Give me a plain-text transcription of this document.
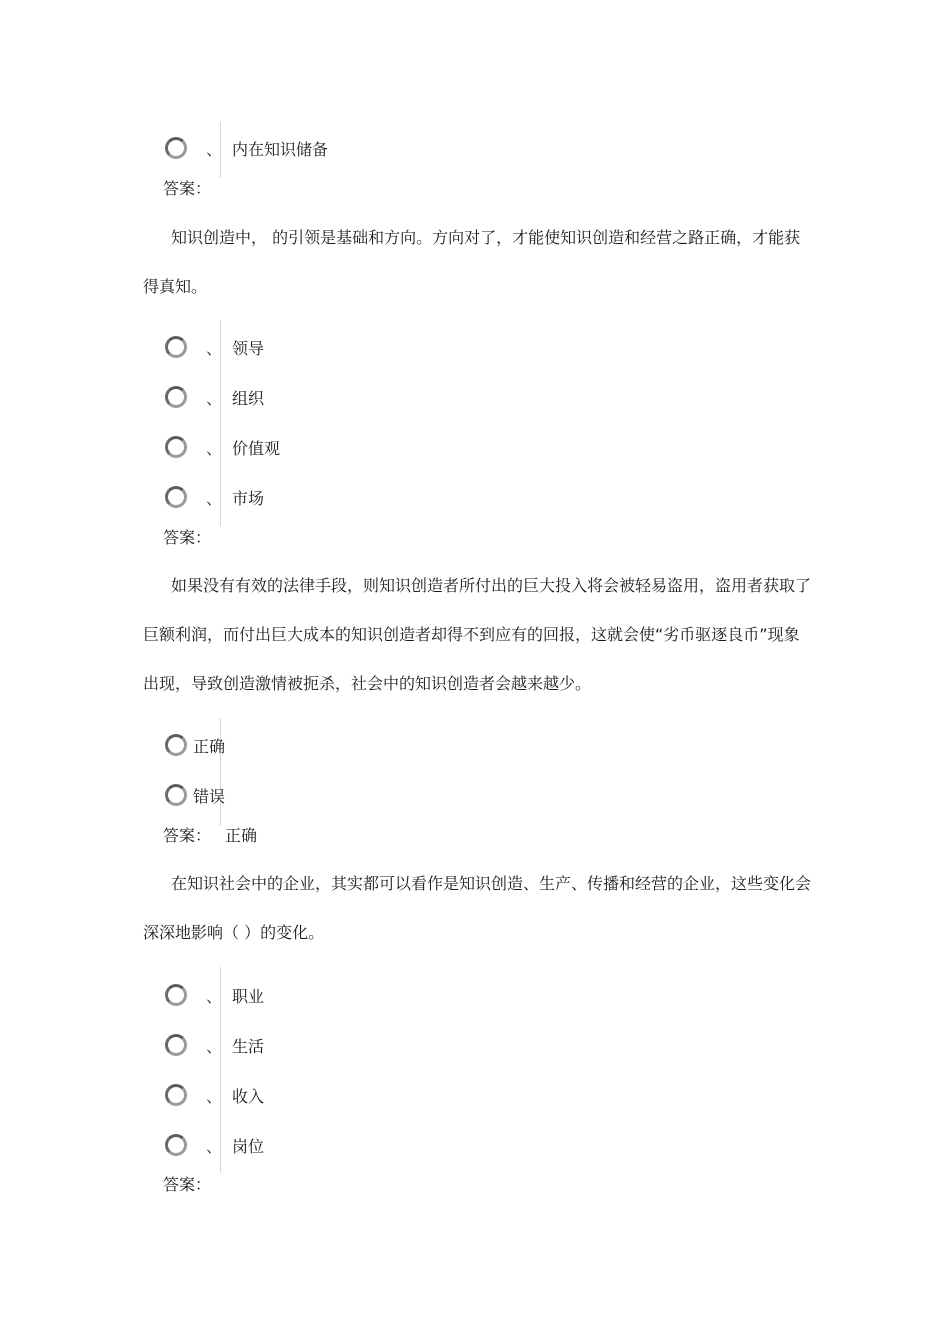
、 内在知识储备
答案：

知识创造中， 的引领是基础和方向。方向对了，才能使知识创造和经营之路正确，才能获得真知。

、 领导
、 组织
、 价值观
、 市场
答案：

如果没有有效的法律手段，则知识创造者所付出的巨大投入将会被轻易盗用，盗用者获取了巨额利润，而付出巨大成本的知识创造者却得不到应有的回报，这就会使“劣币驱逐良币”现象出现，导致创造激情被扼杀，社会中的知识创造者会越来越少。

正确
错误
答案： 正确

在知识社会中的企业，其实都可以看作是知识创造、生产、传播和经营的企业，这些变化会深深地影响（ ）的变化。

、 职业
、 生活
、 收入
、 岗位
答案：
